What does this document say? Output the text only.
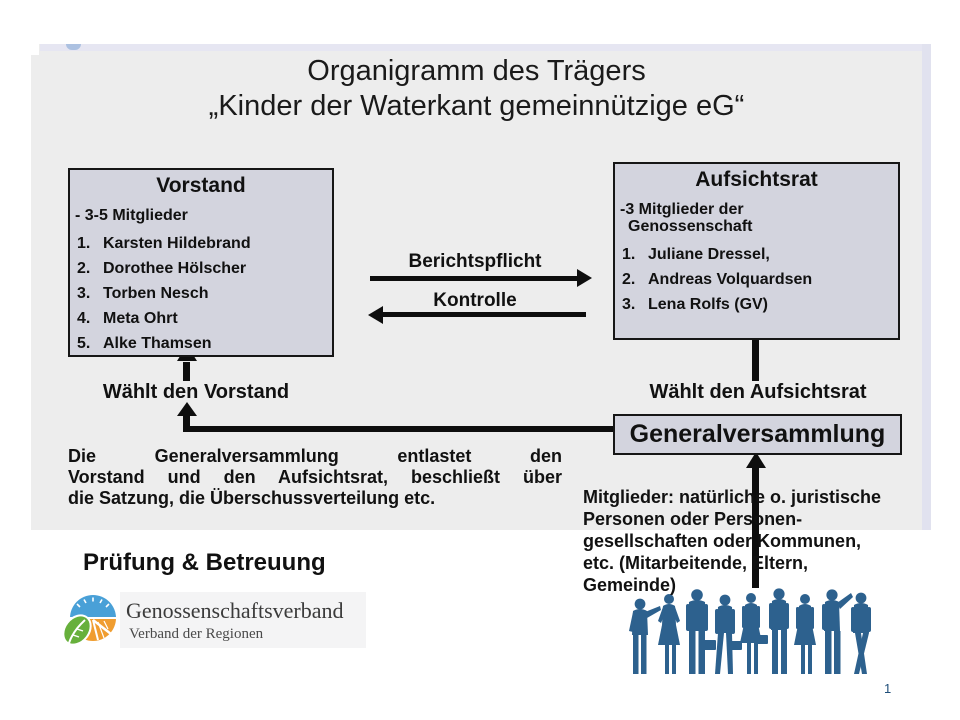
Organigramm des Trägers
„Kinder der Waterkant gemeinnützige eG“
Vorstand
- 3-5 Mitglieder
1. Karsten Hildebrand
2. Dorothee Hölscher
3. Torben Nesch
4. Meta Ohrt
5. Alke Thamsen
Aufsichtsrat
-3 Mitglieder der
Genossenschaft
1. Juliane Dressel,
2. Andreas Volquardsen
3. Lena Rolfs (GV)
Berichtspflicht
Kontrolle
Wählt den Vorstand	Wählt den Aufsichtsrat
Generalversammlung
Die Generalversammlung entlastet den
Vorstand und den Aufsichtsrat, beschließt über
die Satzung, die Überschussverteilung etc.	Mitglieder: natürliche o. juristische
Personen oder Personen-
gesellschaften oder Kommunen,
etc. (Mitarbeitende, Eltern,
Gemeinde)
Prüfung & Betreuung
Genossenschaftsverband
Verband der Regionen
1
